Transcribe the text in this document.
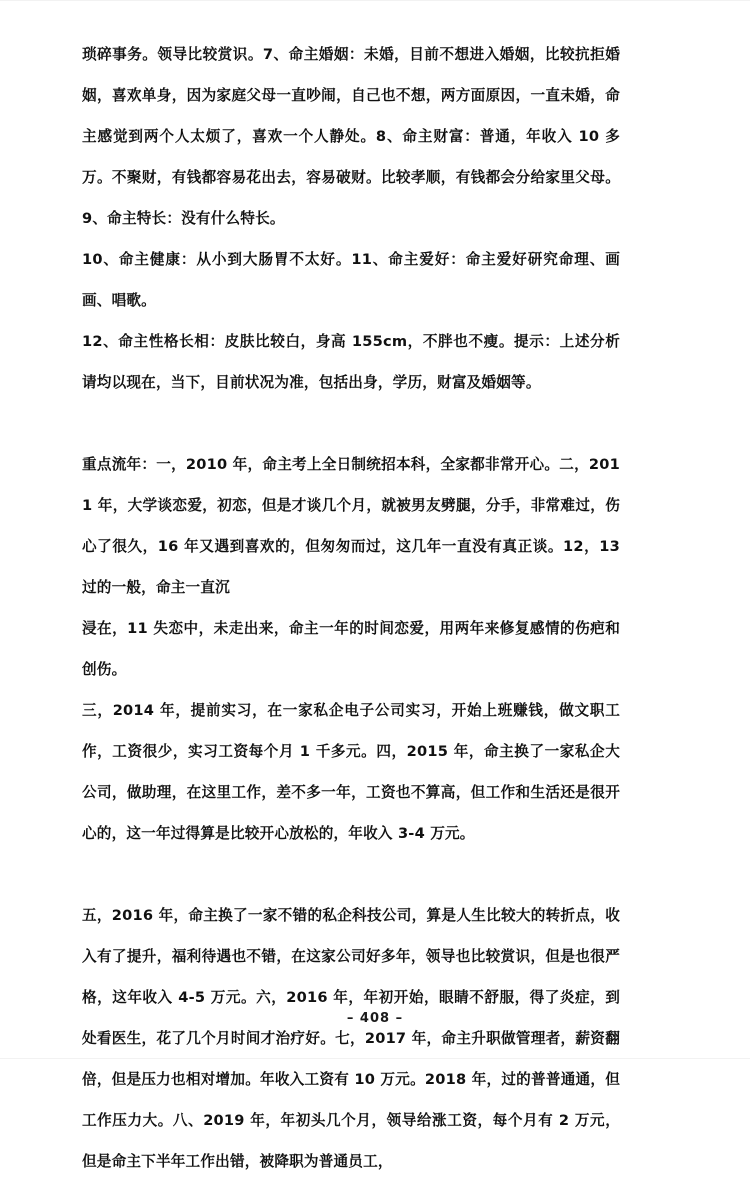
琐碎事务。领导比较赏识。7、命主婚姻：未婚，目前不想进入婚姻，比较抗拒婚姻，喜欢单身，因为家庭父母一直吵闹，自己也不想，两方面原因，一直未婚，命主感觉到两个人太烦了，喜欢一个人静处。8、命主财富：普通，年收入 10 多万。不聚财，有钱都容易花出去，容易破财。比较孝顺，有钱都会分给家里父母。9、命主特长：没有什么特长。

10、命主健康：从小到大肠胃不太好。11、命主爱好：命主爱好研究命理、画画、唱歌。

12、命主性格长相：皮肤比较白，身高 155cm，不胖也不瘦。提示：上述分析请均以现在，当下，目前状况为准，包括出身，学历，财富及婚姻等。

重点流年：一，2010 年，命主考上全日制统招本科，全家都非常开心。二，2011 年，大学谈恋爱，初恋，但是才谈几个月，就被男友劈腿，分手，非常难过，伤心了很久，16 年又遇到喜欢的，但匆匆而过，这几年一直没有真正谈。12，13 过的一般，命主一直沉

浸在，11 失恋中，未走出来，命主一年的时间恋爱，用两年来修复感情的伤疤和创伤。

三，2014 年，提前实习，在一家私企电子公司实习，开始上班赚钱，做文职工作，工资很少，实习工资每个月 1 千多元。四，2015 年，命主换了一家私企大公司，做助理，在这里工作，差不多一年，工资也不算高，但工作和生活还是很开心的，这一年过得算是比较开心放松的，年收入 3-4 万元。

五，2016 年，命主换了一家不错的私企科技公司，算是人生比较大的转折点，收入有了提升，福利待遇也不错，在这家公司好多年，领导也比较赏识，但是也很严格，这年收入 4-5 万元。六，2016 年，年初开始，眼睛不舒服，得了炎症，到处看医生，花了几个月时间才治疗好。七，2017 年，命主升职做管理者，薪资翻倍，但是压力也相对增加。年收入工资有 10 万元。2018 年，过的普普通通，但工作压力大。八、2019 年，年初头几个月，领导给涨工资，每个月有 2 万元，但是命主下半年工作出错，被降职为普通员工，

– 408 –
